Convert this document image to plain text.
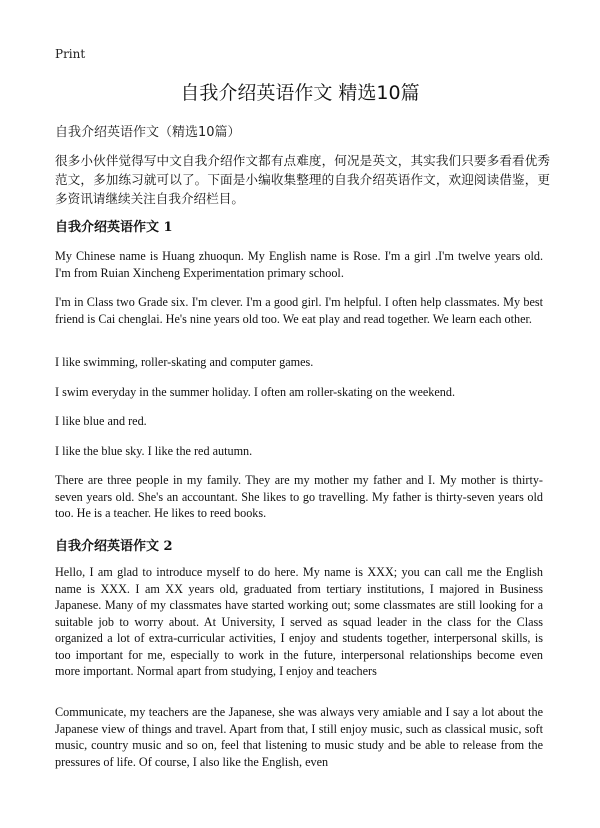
Print
自我介绍英语作文 精选10篇
自我介绍英语作文（精选10篇）

很多小伙伴觉得写中文自我介绍作文都有点难度，何况是英文，其实我们只要多看看优秀范文，多加练习就可以了。下面是小编收集整理的自我介绍英语作文，欢迎阅读借鉴，更多资讯请继续关注自我介绍栏目。

自我介绍英语作文 1

My Chinese name is Huang zhuoqun. My English name is Rose. I'm a girl .I'm twelve years old. I'm from Ruian Xincheng Experimentation primary school.

I'm in Class two Grade six. I'm clever. I'm a good girl. I'm helpful. I often help classmates. My best friend is Cai chenglai. He's nine years old too. We eat play and read together. We learn each other.

I like swimming, roller-skating and computer games.

I swim everyday in the summer holiday. I often am roller-skating on the weekend.

I like blue and red.

I like the blue sky. I like the red autumn.

There are three people in my family. They are my mother my father and I. My mother is thirty-seven years old. She's an accountant. She likes to go travelling. My father is thirty-seven years old too. He is a teacher. He likes to reed books.

自我介绍英语作文 2

Hello, I am glad to introduce myself to do here. My name is XXX; you can call me the English name is XXX. I am XX years old, graduated from tertiary institutions, I majored in Business Japanese. Many of my classmates have started working out; some classmates are still looking for a suitable job to worry about. At University, I served as squad leader in the class for the Class organized a lot of extra-curricular activities, I enjoy and students together, interpersonal skills, is too important for me, especially to work in the future, interpersonal relationships become even more important. Normal apart from studying, I enjoy and teachers

Communicate, my teachers are the Japanese, she was always very amiable and I say a lot about the Japanese view of things and travel. Apart from that, I still enjoy music, such as classical music, soft music, country music and so on, feel that listening to music study and be able to release from the pressures of life. Of course, I also like the English, even
